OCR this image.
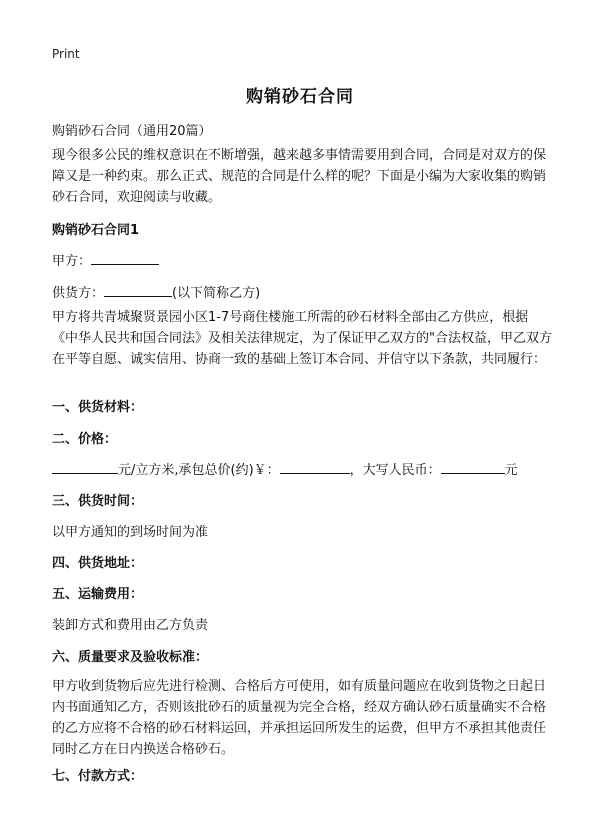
Print
购销砂石合同
购销砂石合同（通用20篇）
现今很多公民的维权意识在不断增强，越来越多事情需要用到合同，合同是对双方的保障又是一种约束。那么正式、规范的合同是什么样的呢？下面是小编为大家收集的购销砂石合同，欢迎阅读与收藏。
购销砂石合同1
甲方：
供货方：	(以下简称乙方)
甲方将共青城聚贤景园小区1-7号商住楼施工所需的砂石材料全部由乙方供应，根据《中华人民共和国合同法》及相关法律规定，为了保证甲乙双方的"合法权益，甲乙双方在平等自愿、诚实信用、协商一致的基础上签订本合同、并信守以下条款，共同履行：
一、供货材料：
二、价格：
元/立方米,承包总价(约)￥：	，大写人民币：	元
三、供货时间：
以甲方通知的到场时间为准
四、供货地址：
五、运输费用：
装卸方式和费用由乙方负责
六、质量要求及验收标准：
甲方收到货物后应先进行检测、合格后方可使用，如有质量问题应在收到货物之日起日内书面通知乙方，否则该批砂石的质量视为完全合格，经双方确认砂石质量确实不合格的乙方应将不合格的砂石材料运回，并承担运回所发生的运费，但甲方不承担其他责任同时乙方在日内换送合格砂石。
七、付款方式：
